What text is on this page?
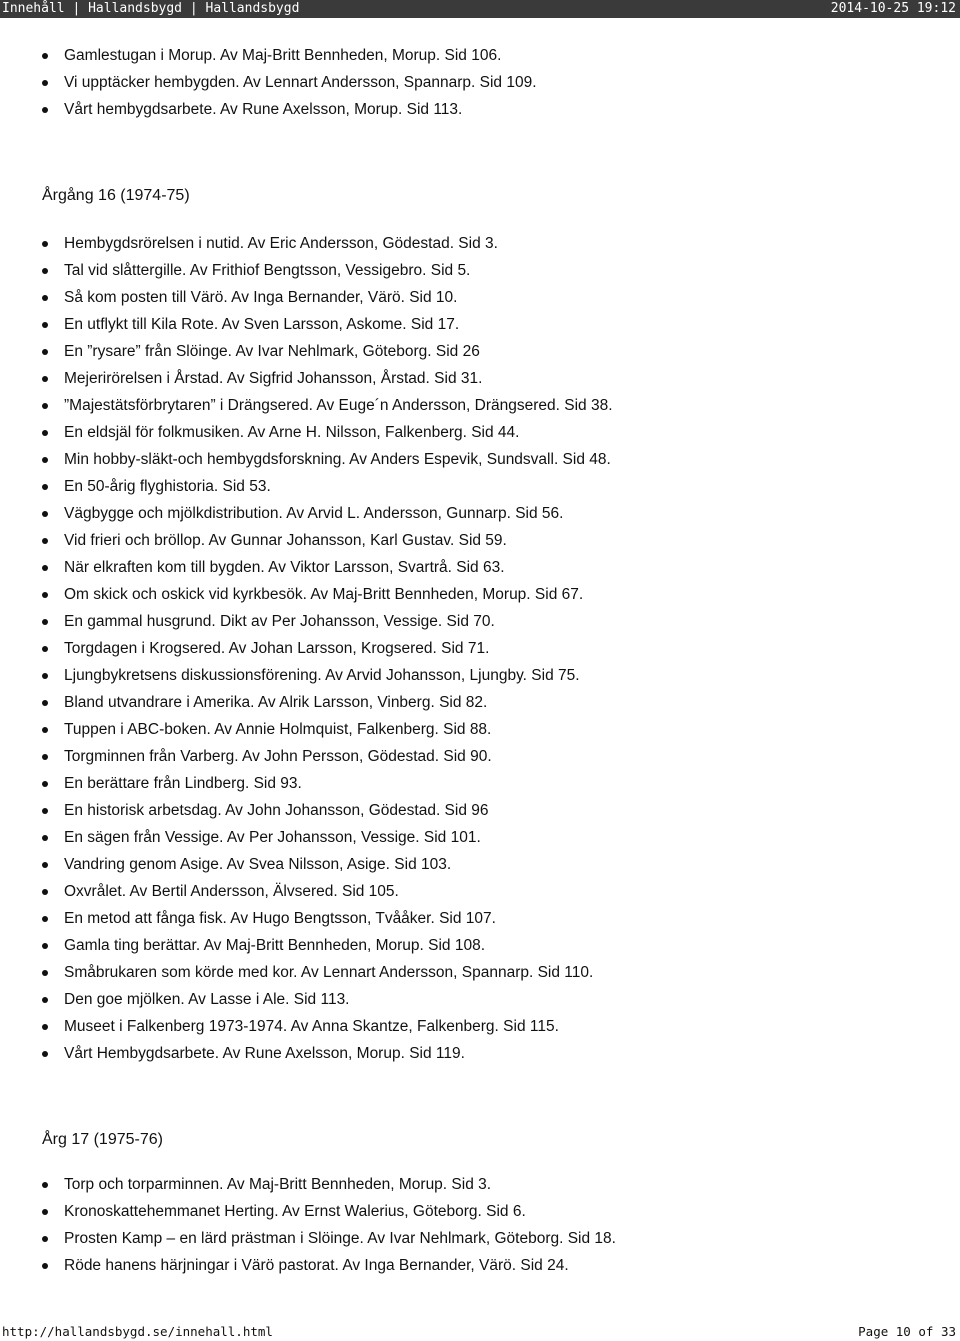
Innehåll | Hallandsbygd | Hallandsbygd	2014-10-25 19:12
Gamlestugan i Morup. Av Maj-Britt Bennheden, Morup. Sid 106.
Vi upptäcker hembygden. Av Lennart Andersson, Spannarp. Sid 109.
Vårt hembygdsarbete. Av Rune Axelsson, Morup. Sid 113.
Årgång 16 (1974-75)
Hembygdsrörelsen i nutid. Av Eric Andersson, Gödestad. Sid 3.
Tal vid slåttergille. Av Frithiof Bengtsson, Vessigebro. Sid 5.
Så kom posten till Värö. Av Inga Bernander, Värö. Sid 10.
En utflykt till Kila Rote. Av Sven Larsson, Askome. Sid 17.
En ”rysare” från Slöinge. Av Ivar Nehlmark, Göteborg. Sid 26
Mejerirörelsen i Årstad. Av Sigfrid Johansson, Årstad. Sid 31.
”Majestätsförbrytaren” i Drängsered. Av Euge´n Andersson, Drängsered. Sid 38.
En eldsjäl för folkmusiken. Av Arne H. Nilsson, Falkenberg. Sid 44.
Min hobby-släkt-och hembygdsforskning. Av Anders Espevik, Sundsvall. Sid 48.
En 50-årig flyghistoria. Sid 53.
Vägbygge och mjölkdistribution. Av Arvid L. Andersson, Gunnarp. Sid 56.
Vid frieri och bröllop. Av Gunnar Johansson, Karl Gustav. Sid 59.
När elkraften kom till bygden. Av Viktor Larsson, Svartrå. Sid 63.
Om skick och oskick vid kyrkbesök. Av Maj-Britt Bennheden, Morup. Sid 67.
En gammal husgrund. Dikt av Per Johansson, Vessige. Sid 70.
Torgdagen i Krogsered. Av Johan Larsson, Krogsered. Sid 71.
Ljungbykretsens diskussionsförening. Av Arvid Johansson, Ljungby. Sid 75.
Bland utvandrare i Amerika. Av Alrik Larsson, Vinberg. Sid 82.
Tuppen i ABC-boken. Av Annie Holmquist, Falkenberg. Sid 88.
Torgminnen från Varberg. Av John Persson, Gödestad. Sid 90.
En berättare från Lindberg. Sid 93.
En historisk arbetsdag. Av John Johansson, Gödestad. Sid 96
En sägen från Vessige. Av Per Johansson, Vessige. Sid 101.
Vandring genom Asige. Av Svea Nilsson, Asige. Sid 103.
Oxvrålet. Av Bertil Andersson, Älvsered. Sid 105.
En metod att fånga fisk. Av Hugo Bengtsson, Tvååker. Sid 107.
Gamla ting berättar. Av Maj-Britt Bennheden, Morup. Sid 108.
Småbrukaren som körde med kor. Av Lennart Andersson, Spannarp. Sid 110.
Den goe mjölken. Av Lasse i Ale. Sid 113.
Museet i Falkenberg 1973-1974. Av Anna Skantze, Falkenberg. Sid 115.
Vårt Hembygdsarbete. Av Rune Axelsson, Morup. Sid 119.
Årg 17 (1975-76)
Torp och torparminnen. Av Maj-Britt Bennheden, Morup. Sid 3.
Kronoskattehemmanet Herting. Av Ernst Walerius, Göteborg. Sid 6.
Prosten Kamp – en lärd prästman i Slöinge. Av Ivar Nehlmark, Göteborg. Sid 18.
Röde hanens härjningar i Värö pastorat. Av Inga Bernander, Värö. Sid 24.
http://hallandsbygd.se/innehall.html	Page 10 of 33
